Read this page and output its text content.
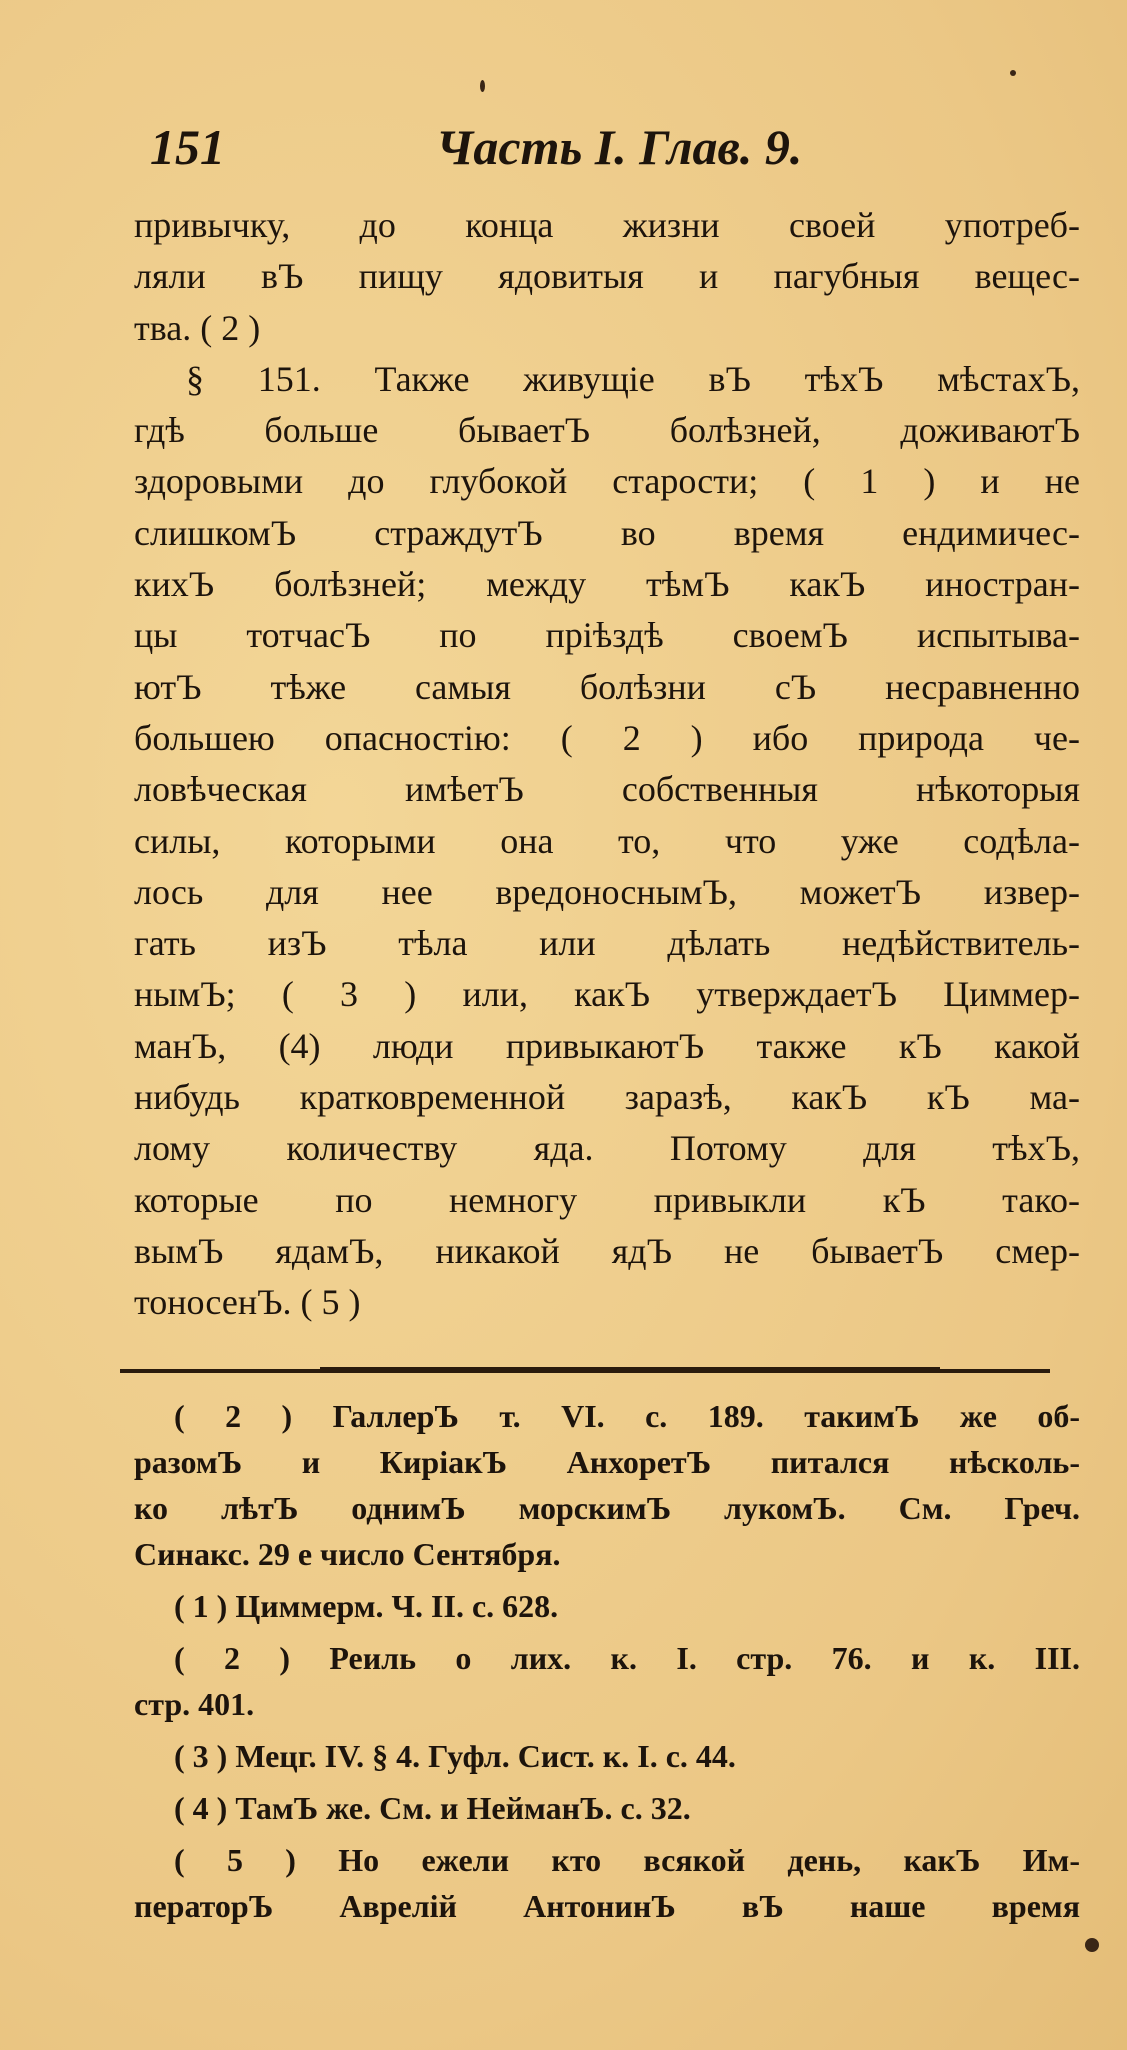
151	Часть I. Глав. 9.
привычку, до конца жизни своей употреб-
ляли вЪ пищу ядовитыя и пагубныя вещес-
тва. ( 2 )
§ 151. Также живущiе вЪ тѣхЪ мѣстахЪ,
гдѣ больше бываетЪ болѣзней, доживаютЪ
здоровыми до глубокой старости; ( 1 ) и не
слишкомЪ страждутЪ во время ендимичес-
кихЪ болѣзней; между тѣмЪ какЪ иностран-
цы тотчасЪ по прiѣздѣ своемЪ испытыва-
ютЪ тѣже самыя болѣзни сЪ несравненно
большею опасностiю: ( 2 ) ибо природа че-
ловѣческая имѣетЪ собственныя нѣкоторыя
силы, которыми она то, что уже содѣла-
лось для нее вредоноснымЪ, можетЪ извер-
гать изЪ тѣла или дѣлать недѣйствитель-
нымЪ; ( 3 ) или, какЪ утверждаетЪ Циммер-
манЪ, (4) люди привыкаютЪ также кЪ какой
нибудь кратковременной заразѣ, какЪ кЪ ма-
лому количеству яда. Потому для тѣхЪ,
которые по немногу привыкли кЪ тако-
вымЪ ядамЪ, никакой ядЪ не бываетЪ смер-
тоносенЪ. ( 5 )
( 2 ) ГаллерЪ т. VI. с. 189. такимЪ же об-
разомЪ и КирiакЪ АнхоретЪ питался нѣсколь-
ко лѣтЪ однимЪ морскимЪ лукомЪ. См. Греч.
Синакс. 29 е число Сентября.
( 1 ) Циммерм. Ч. II. с. 628.
( 2 ) Реиль о лих. к. I. стр. 76. и к. III.
стр. 401.
( 3 ) Мецг. IV. § 4. Гуфл. Сист. к. I. с. 44.
( 4 ) ТамЪ же. См. и НейманЪ. с. 32.
( 5 ) Но ежели кто всякой день, какЪ Им-
ператорЪ Аврелiй АнтонинЪ вЪ наше время
